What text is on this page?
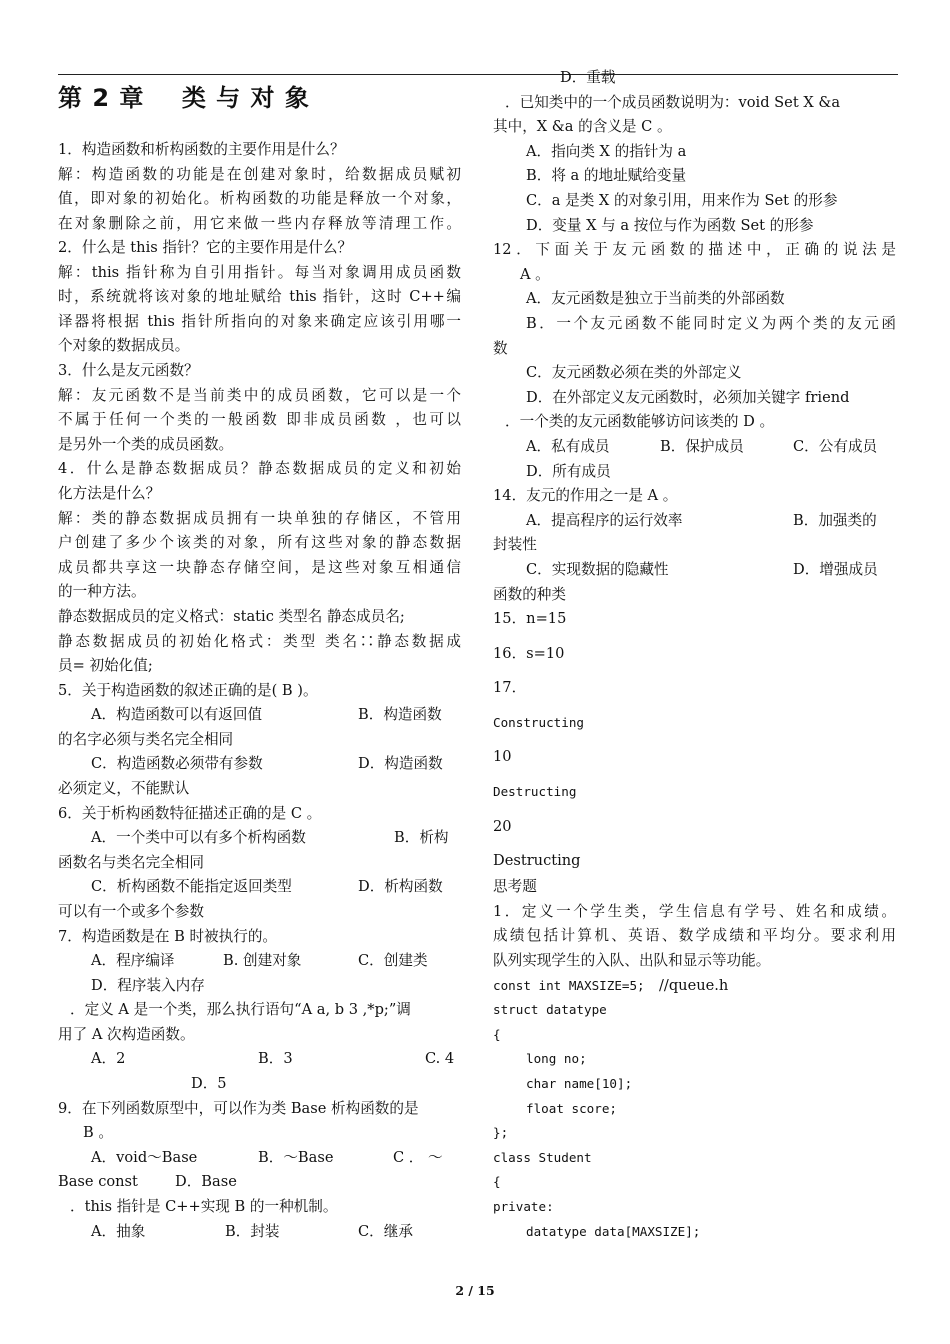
第 2 章    类 与 对 象
1．构造函数和析构函数的主要作用是什么？
解：构造函数的功能是在创建对象时，给数据成员赋初
值，即对象的初始化。析构函数的功能是释放一个对象，
在对象删除之前，用它来做一些内存释放等清理工作。
2．什么是 this 指针？它的主要作用是什么？
解：this 指针称为自引用指针。每当对象调用成员函数
时，系统就将该对象的地址赋给 this 指针，这时 C++编
译器将根据 this 指针所指向的对象来确定应该引用哪一
个对象的数据成员。
3．什么是友元函数？
解：友元函数不是当前类中的成员函数，它可以是一个
不属于任何一个类的一般函数 即非成员函数 ，也可以
是另外一个类的成员函数。
4．什么是静态数据成员？静态数据成员的定义和初始
化方法是什么？
解：类的静态数据成员拥有一块单独的存储区，不管用
户创建了多少个该类的对象，所有这些对象的静态数据
成员都共享这一块静态存储空间，是这些对象互相通信
的一种方法。
静态数据成员的定义格式：static 类型名 静态成员名;
静态数据成员的初始化格式：类型 类名∷静态数据成
员= 初始化值;
5．关于构造函数的叙述正确的是( B )。
A．构造函数可以有返回值	B．构造函数
的名字必须与类名完全相同
C．构造函数必须带有参数	D．构造函数
必须定义，不能默认
6．关于析构函数特征描述正确的是 C 。
A．一个类中可以有多个析构函数	B．析构
函数名与类名完全相同
C．析构函数不能指定返回类型	D．析构函数
可以有一个或多个参数
7．构造函数是在 B 时被执行的。
A．程序编译	B. 创建对象	C．创建类
D．程序装入内存
．定义 A 是一个类，那么执行语句“A a, b 3 ,*p;”调
用了 A 次构造函数。
A．2	B．3	C. 4
D．5
9．在下列函数原型中，可以作为类 Base 析构函数的是
B 。
A．void～Base	B．～Base	C ． ～
Base const	D．Base
．this 指针是 C++实现 B 的一种机制。
A．抽象	B．封装	C．继承
D．重载
．已知类中的一个成员函数说明为：void Set X &a
其中，X &a 的含义是 C 。
A．指向类 X 的指针为 a
B．将 a 的地址赋给变量
C．a 是类 X 的对象引用，用来作为 Set 的形参
D．变量 X 与 a 按位与作为函数 Set 的形参
12．下面关于友元函数的描述中，正确的说法是
A 。
A．友元函数是独立于当前类的外部函数
B．一个友元函数不能同时定义为两个类的友元函
数
C．友元函数必须在类的外部定义
D．在外部定义友元函数时，必须加关键字 friend
．一个类的友元函数能够访问该类的 D 。
A．私有成员	B．保护成员	C．公有成员
D．所有成员
14．友元的作用之一是 A 。
A．提高程序的运行效率	B．加强类的
封装性
C．实现数据的隐藏性	D．增强成员
函数的种类
15．n=15
16．s=10
17．
Constructing
10
Destructing
20
Destructing
思考题
1．定义一个学生类，学生信息有学号、姓名和成绩。
成绩包括计算机、英语、数学成绩和平均分。要求利用
队列实现学生的入队、出队和显示等功能。
const int MAXSIZE=5; //queue.h
struct datatype
{
long no;
char name[10];
float score;
};
class Student
{
private:
datatype data[MAXSIZE];
2 / 15
